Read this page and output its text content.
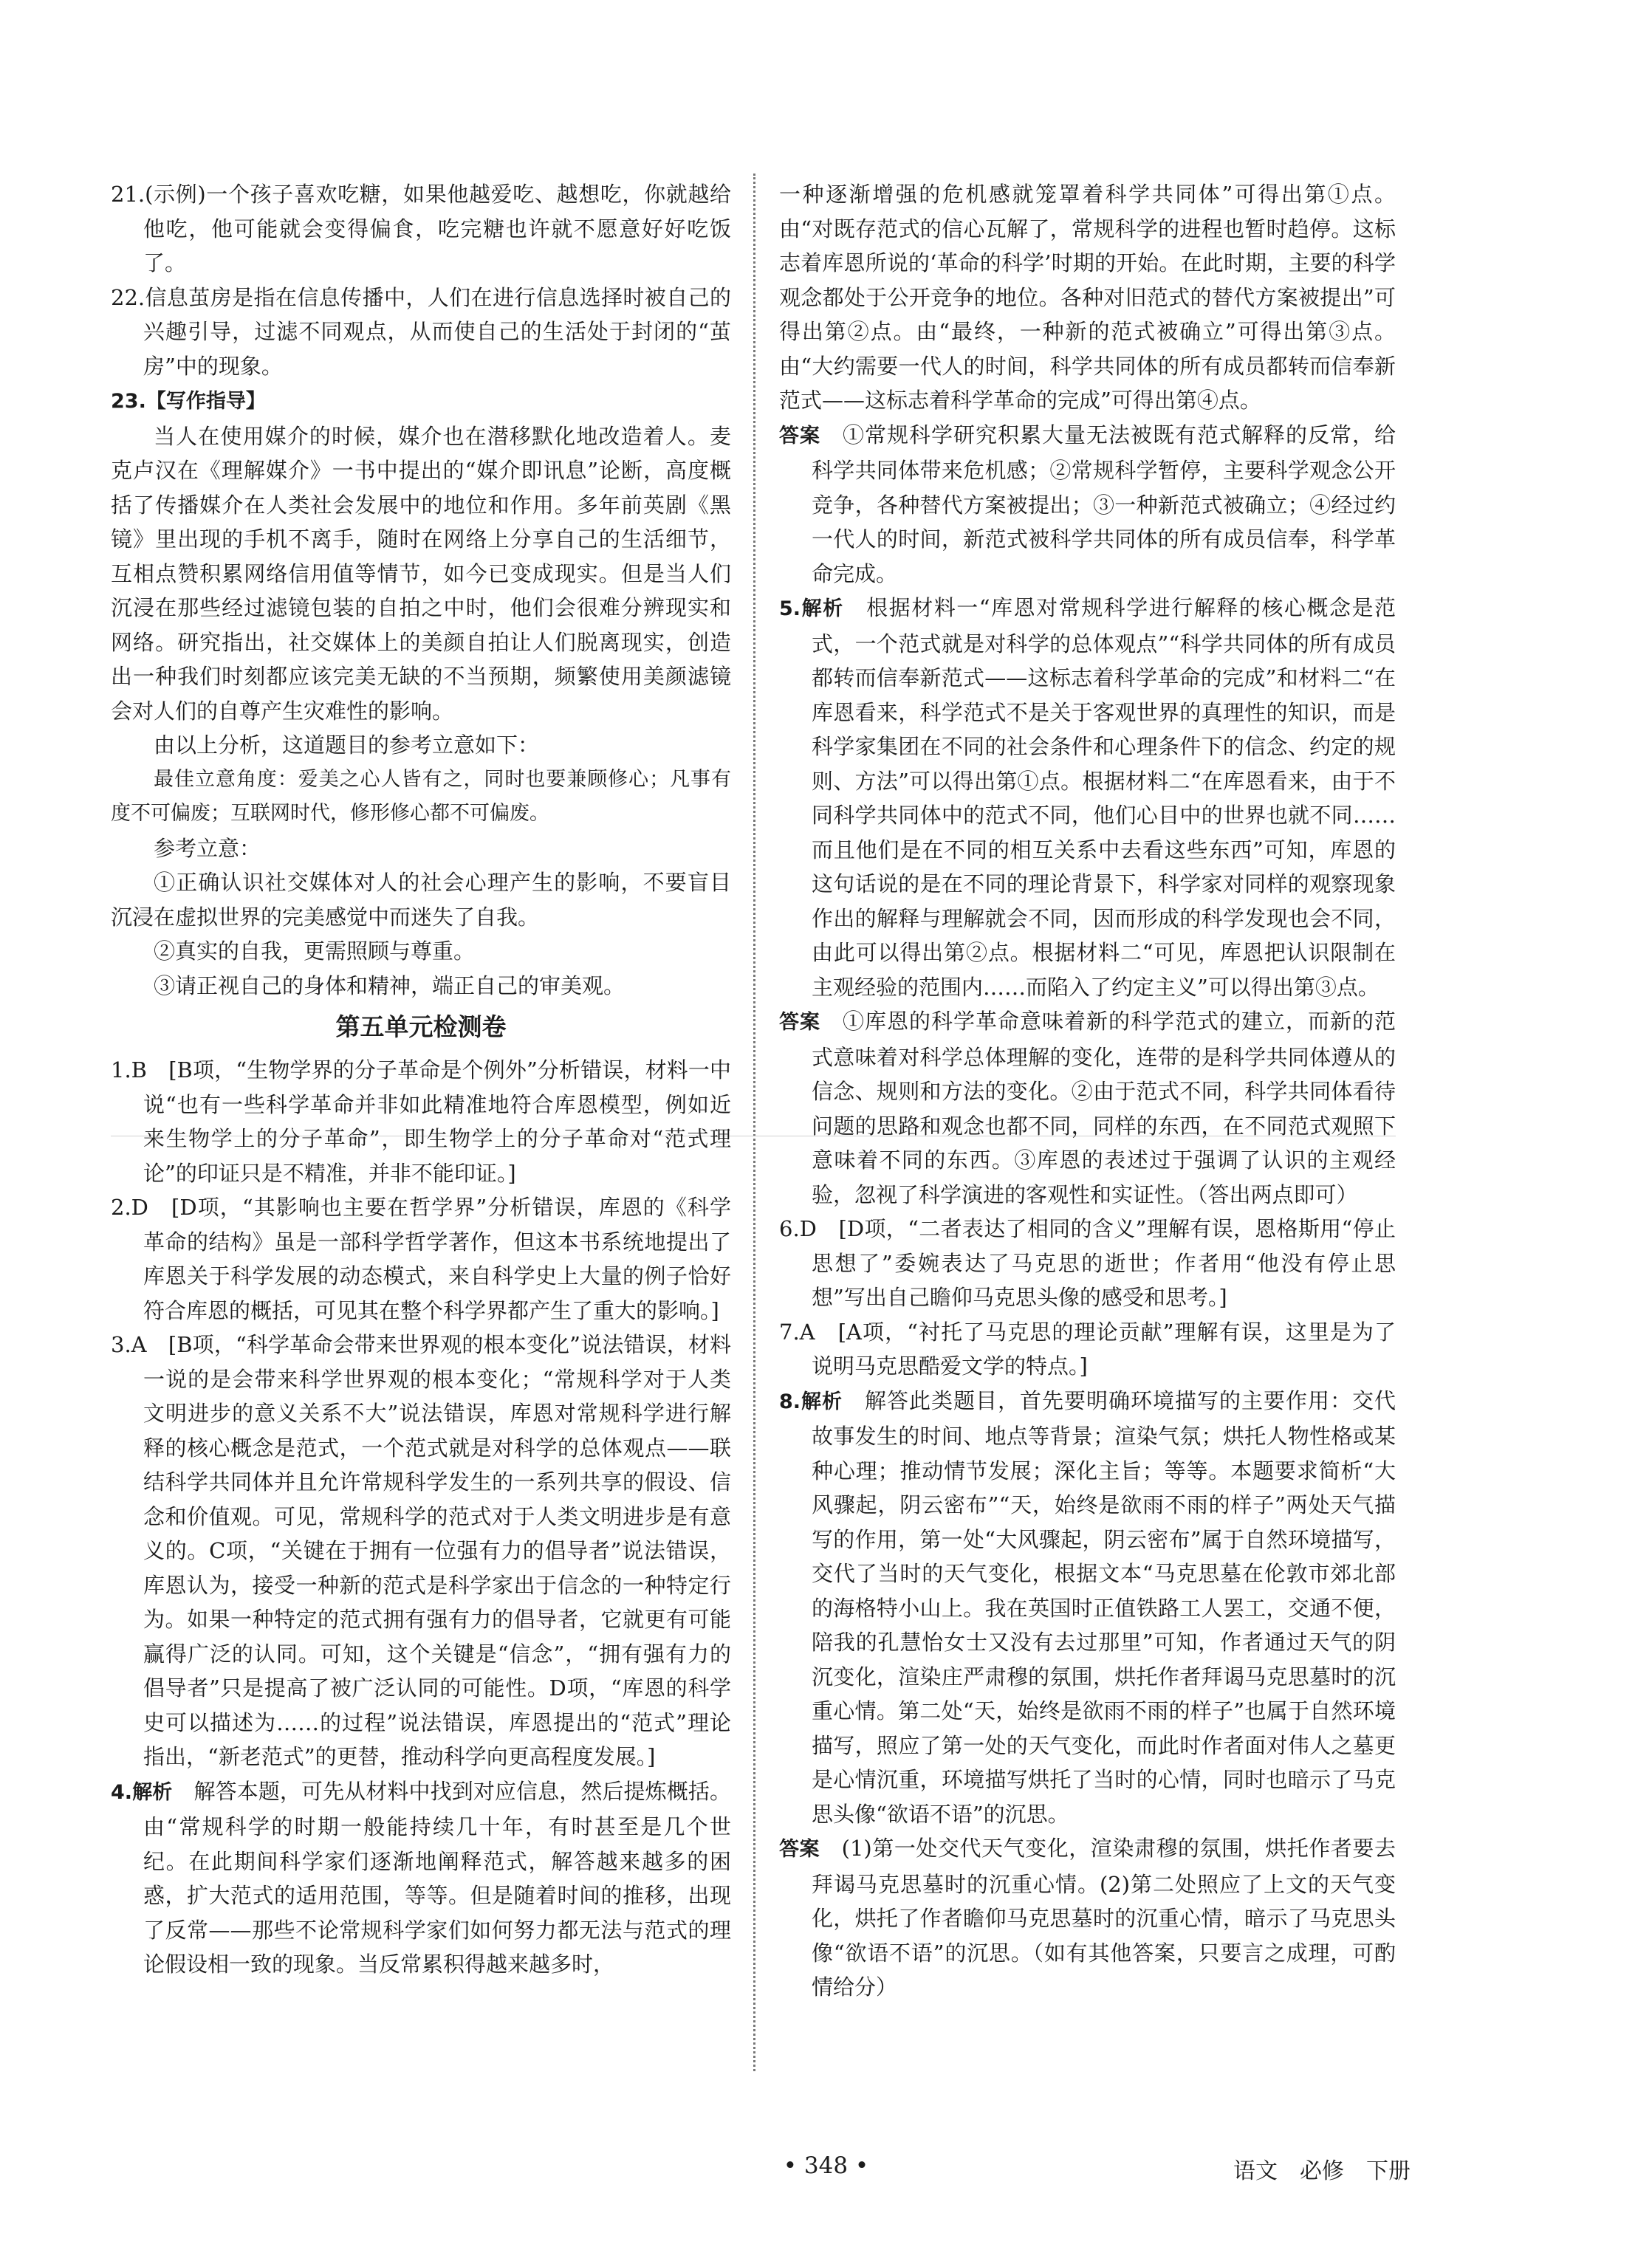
21.(示例)一个孩子喜欢吃糖，如果他越爱吃、越想吃，你就越给他吃，他可能就会变得偏食，吃完糖也许就不愿意好好吃饭了。

22.信息茧房是指在信息传播中，人们在进行信息选择时被自己的兴趣引导，过滤不同观点，从而使自己的生活处于封闭的“茧房”中的现象。

23.【写作指导】

当人在使用媒介的时候，媒介也在潜移默化地改造着人。麦克卢汉在《理解媒介》一书中提出的“媒介即讯息”论断，高度概括了传播媒介在人类社会发展中的地位和作用。多年前英剧《黑镜》里出现的手机不离手，随时在网络上分享自己的生活细节，互相点赞积累网络信用值等情节，如今已变成现实。但是当人们沉浸在那些经过滤镜包装的自拍之中时，他们会很难分辨现实和网络。研究指出，社交媒体上的美颜自拍让人们脱离现实，创造出一种我们时刻都应该完美无缺的不当预期，频繁使用美颜滤镜会对人们的自尊产生灾难性的影响。

由以上分析，这道题目的参考立意如下：

最佳立意角度：爱美之心人皆有之，同时也要兼顾修心；凡事有度不可偏废；互联网时代，修形修心都不可偏废。

参考立意：

①正确认识社交媒体对人的社会心理产生的影响，不要盲目沉浸在虚拟世界的完美感觉中而迷失了自我。

②真实的自我，更需照顾与尊重。

③请正视自己的身体和精神，端正自己的审美观。

第五单元检测卷

1.B　[B项，“生物学界的分子革命是个例外”分析错误，材料一中说“也有一些科学革命并非如此精准地符合库恩模型，例如近来生物学上的分子革命”，即生物学上的分子革命对“范式理论”的印证只是不精准，并非不能印证。]

2.D　[D项，“其影响也主要在哲学界”分析错误，库恩的《科学革命的结构》虽是一部科学哲学著作，但这本书系统地提出了库恩关于科学发展的动态模式，来自科学史上大量的例子恰好符合库恩的概括，可见其在整个科学界都产生了重大的影响。]

3.A　[B项，“科学革命会带来世界观的根本变化”说法错误，材料一说的是会带来科学世界观的根本变化；“常规科学对于人类文明进步的意义关系不大”说法错误，库恩对常规科学进行解释的核心概念是范式，一个范式就是对科学的总体观点——联结科学共同体并且允许常规科学发生的一系列共享的假设、信念和价值观。可见，常规科学的范式对于人类文明进步是有意义的。C项，“关键在于拥有一位强有力的倡导者”说法错误，库恩认为，接受一种新的范式是科学家出于信念的一种特定行为。如果一种特定的范式拥有强有力的倡导者，它就更有可能赢得广泛的认同。可知，这个关键是“信念”，“拥有强有力的倡导者”只是提高了被广泛认同的可能性。D项，“库恩的科学史可以描述为……的过程”说法错误，库恩提出的“范式”理论指出，“新老范式”的更替，推动科学向更高程度发展。]

4.解析　 解答本题，可先从材料中找到对应信息，然后提炼概括。由“常规科学的时期一般能持续几十年，有时甚至是几个世纪。在此期间科学家们逐渐地阐释范式，解答越来越多的困惑，扩大范式的适用范围，等等。但是随着时间的推移，出现了反常——那些不论常规科学家们如何努力都无法与范式的理论假设相一致的现象。当反常累积得越来越多时，

一种逐渐增强的危机感就笼罩着科学共同体”可得出第①点。由“对既存范式的信心瓦解了，常规科学的进程也暂时趋停。这标志着库恩所说的‘革命的科学’时期的开始。在此时期，主要的科学观念都处于公开竞争的地位。各种对旧范式的替代方案被提出”可得出第②点。由“最终，一种新的范式被确立”可得出第③点。由“大约需要一代人的时间，科学共同体的所有成员都转而信奉新范式——这标志着科学革命的完成”可得出第④点。

答案　 ①常规科学研究积累大量无法被既有范式解释的反常，给科学共同体带来危机感；②常规科学暂停，主要科学观念公开竞争，各种替代方案被提出；③一种新范式被确立；④经过约一代人的时间，新范式被科学共同体的所有成员信奉，科学革命完成。

5.解析　 根据材料一“库恩对常规科学进行解释的核心概念是范式，一个范式就是对科学的总体观点”“科学共同体的所有成员都转而信奉新范式——这标志着科学革命的完成”和材料二“在库恩看来，科学范式不是关于客观世界的真理性的知识，而是科学家集团在不同的社会条件和心理条件下的信念、约定的规则、方法”可以得出第①点。根据材料二“在库恩看来，由于不同科学共同体中的范式不同，他们心目中的世界也就不同……而且他们是在不同的相互关系中去看这些东西”可知，库恩的这句话说的是在不同的理论背景下，科学家对同样的观察现象作出的解释与理解就会不同，因而形成的科学发现也会不同，由此可以得出第②点。根据材料二“可见，库恩把认识限制在主观经验的范围内……而陷入了约定主义”可以得出第③点。

答案　 ①库恩的科学革命意味着新的科学范式的建立，而新的范式意味着对科学总体理解的变化，连带的是科学共同体遵从的信念、规则和方法的变化。②由于范式不同，科学共同体看待问题的思路和观念也都不同，同样的东西，在不同范式观照下意味着不同的东西。③库恩的表述过于强调了认识的主观经验，忽视了科学演进的客观性和实证性。（答出两点即可）

6.D　[D项，“二者表达了相同的含义”理解有误，恩格斯用“停止思想了”委婉表达了马克思的逝世；作者用“他没有停止思想”写出自己瞻仰马克思头像的感受和思考。]

7.A　[A项，“衬托了马克思的理论贡献”理解有误，这里是为了说明马克思酷爱文学的特点。]

8.解析　 解答此类题目，首先要明确环境描写的主要作用：交代故事发生的时间、地点等背景；渲染气氛；烘托人物性格或某种心理；推动情节发展；深化主旨；等等。本题要求简析“大风骤起，阴云密布”“天，始终是欲雨不雨的样子”两处天气描写的作用，第一处“大风骤起，阴云密布”属于自然环境描写，交代了当时的天气变化，根据文本“马克思墓在伦敦市郊北部的海格特小山上。我在英国时正值铁路工人罢工，交通不便，陪我的孔慧怡女士又没有去过那里”可知，作者通过天气的阴沉变化，渲染庄严肃穆的氛围，烘托作者拜谒马克思墓时的沉重心情。第二处“天，始终是欲雨不雨的样子”也属于自然环境描写，照应了第一处的天气变化，而此时作者面对伟人之墓更是心情沉重，环境描写烘托了当时的心情，同时也暗示了马克思头像“欲语不语”的沉思。

答案　 (1)第一处交代天气变化，渲染肃穆的氛围，烘托作者要去拜谒马克思墓时的沉重心情。(2)第二处照应了上文的天气变化，烘托了作者瞻仰马克思墓时的沉重心情，暗示了马克思头像“欲语不语”的沉思。（如有其他答案，只要言之成理，可酌情给分）

• 348 •	语文　必修　下册
